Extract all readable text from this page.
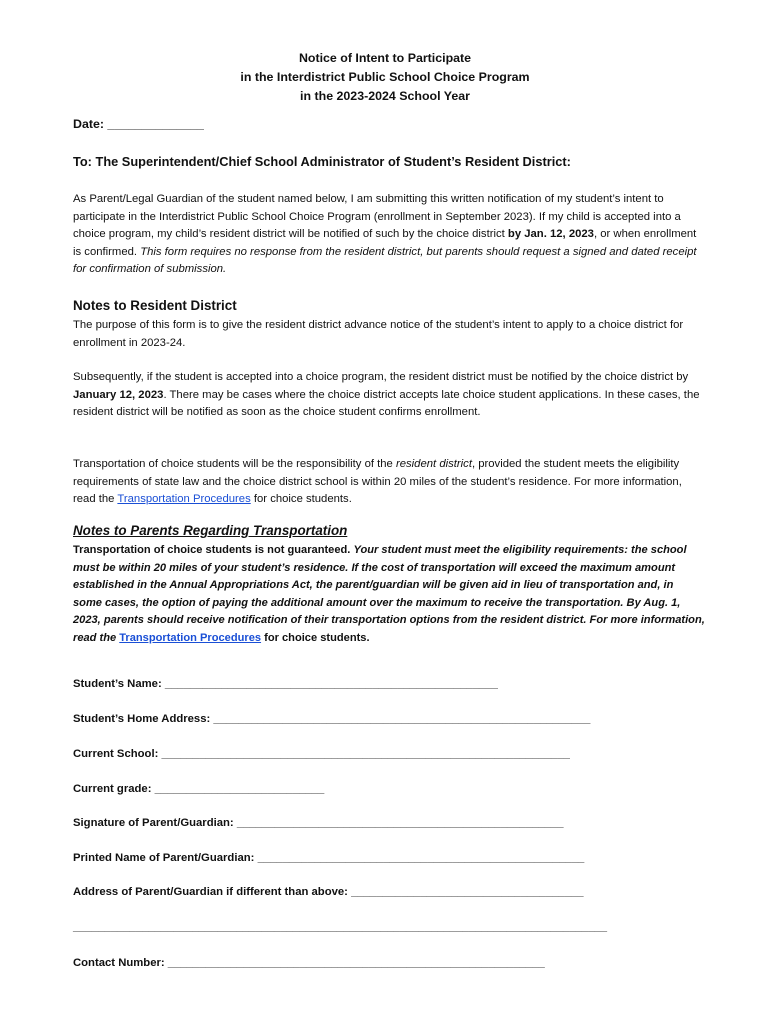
Notice of Intent to Participate
in the Interdistrict Public School Choice Program
in the 2023-2024 School Year
Date: ______________
To: The Superintendent/Chief School Administrator of Student’s Resident District:
As Parent/Legal Guardian of the student named below, I am submitting this written notification of my student’s intent to participate in the Interdistrict Public School Choice Program (enrollment in September 2023). If my child is accepted into a choice program, my child’s resident district will be notified of such by the choice district by Jan. 12, 2023, or when enrollment is confirmed. This form requires no response from the resident district, but parents should request a signed and dated receipt for confirmation of submission.
Notes to Resident District
The purpose of this form is to give the resident district advance notice of the student’s intent to apply to a choice district for enrollment in 2023-24.
Subsequently, if the student is accepted into a choice program, the resident district must be notified by the choice district by January 12, 2023. There may be cases where the choice district accepts late choice student applications. In these cases, the resident district will be notified as soon as the choice student confirms enrollment.
Transportation of choice students will be the responsibility of the resident district, provided the student meets the eligibility requirements of state law and the choice district school is within 20 miles of the student’s residence. For more information, read the Transportation Procedures for choice students.
Notes to Parents Regarding Transportation
Transportation of choice students is not guaranteed. Your student must meet the eligibility requirements: the school must be within 20 miles of your student’s residence. If the cost of transportation will exceed the maximum amount established in the Annual Appropriations Act, the parent/guardian will be given aid in lieu of transportation and, in some cases, the option of paying the additional amount over the maximum to receive the transportation. By Aug. 1, 2023, parents should receive notification of their transportation options from the resident district. For more information, read the Transportation Procedures for choice students.
Student’s Name: _____________________________________________________
Student’s Home Address: ____________________________________________________________
Current School: _________________________________________________________________
Current grade: ___________________________
Signature of Parent/Guardian: ____________________________________________________
Printed Name of Parent/Guardian: ____________________________________________________
Address of Parent/Guardian if different than above: _____________________________________
_____________________________________________________________________________________
Contact Number: ____________________________________________________________
